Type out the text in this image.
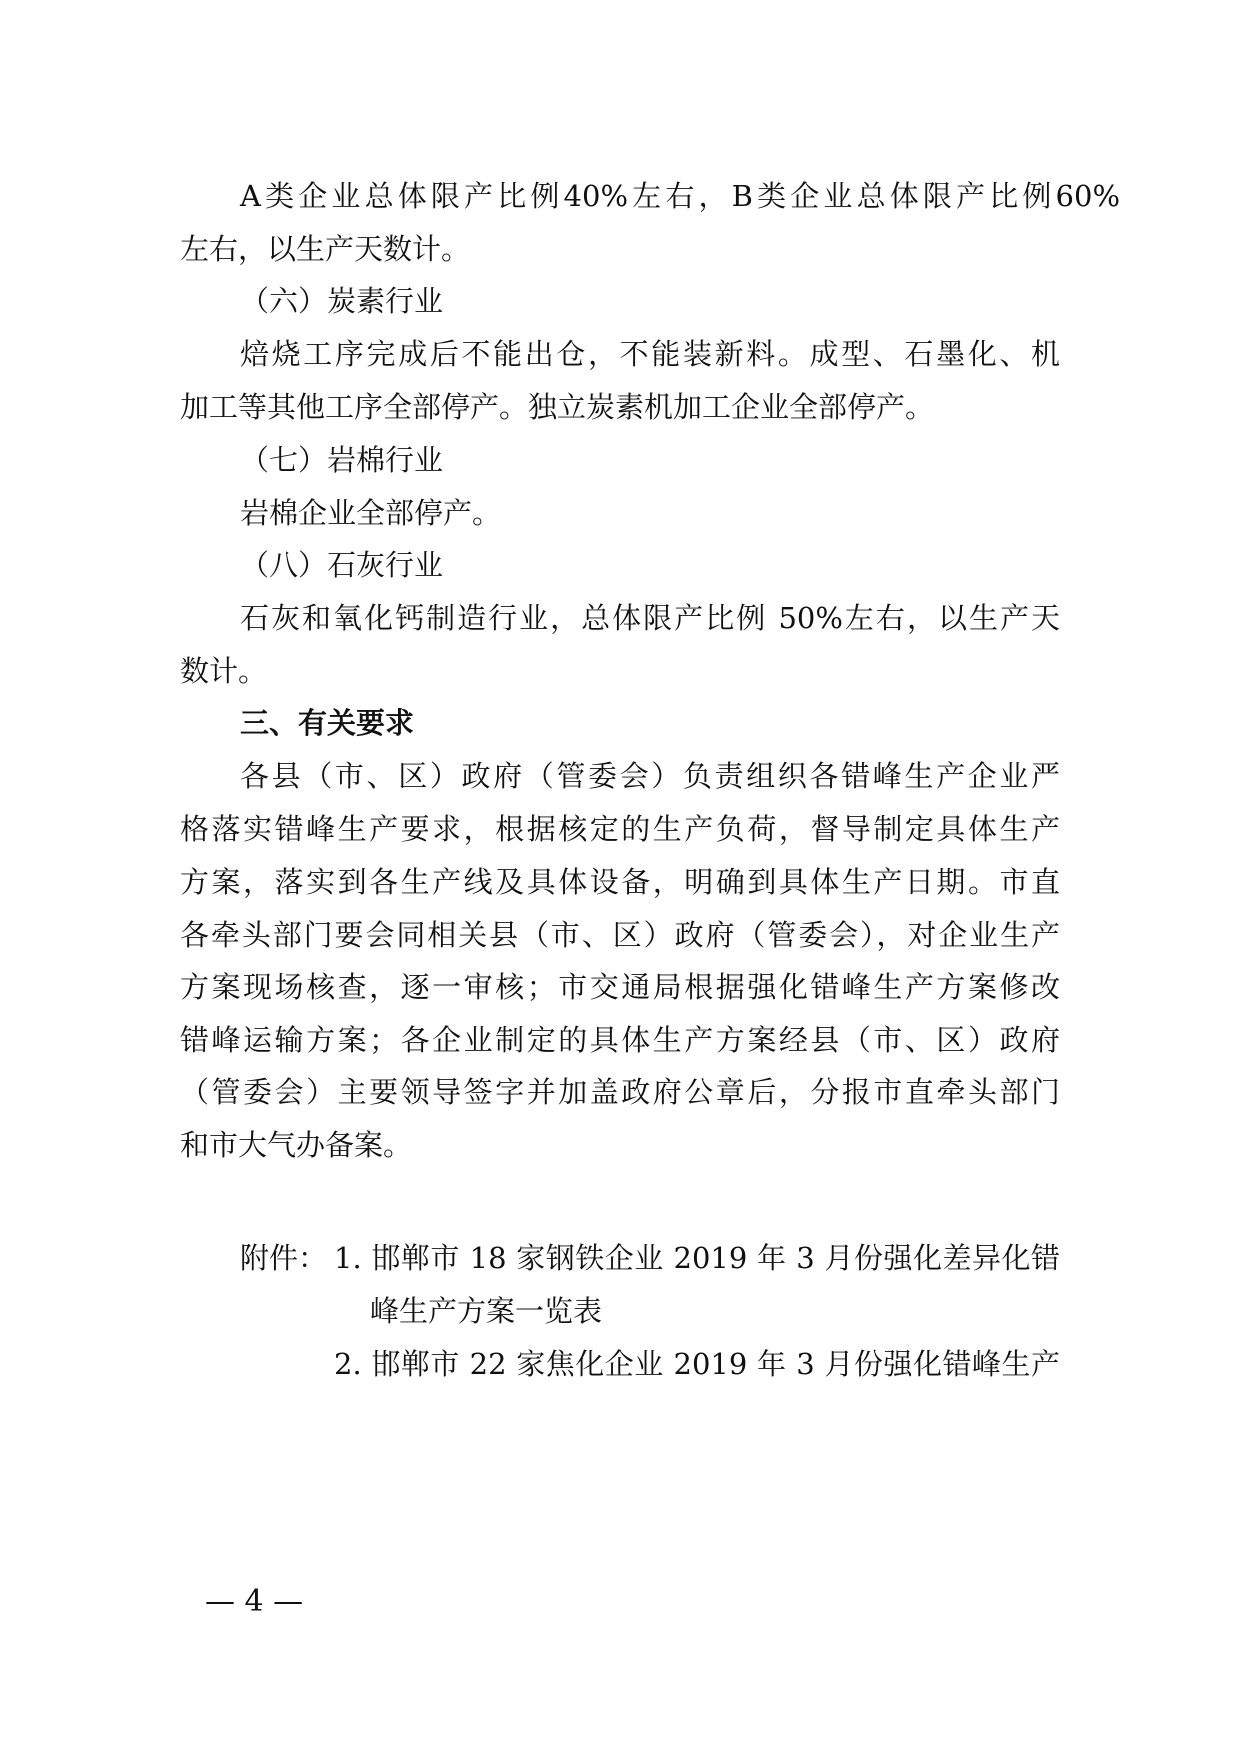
A类企业总体限产比例40%左右，B类企业总体限产比例60%
左右，以生产天数计。
（六）炭素行业
焙烧工序完成后不能出仓，不能装新料。成型、石墨化、机
加工等其他工序全部停产。独立炭素机加工企业全部停产。
（七）岩棉行业
岩棉企业全部停产。
（八）石灰行业
石灰和氧化钙制造行业，总体限产比例 50%左右，以生产天
数计。
三、有关要求
各县（市、区）政府（管委会）负责组织各错峰生产企业严
格落实错峰生产要求，根据核定的生产负荷，督导制定具体生产
方案，落实到各生产线及具体设备，明确到具体生产日期。市直
各牵头部门要会同相关县（市、区）政府（管委会），对企业生产
方案现场核查，逐一审核；市交通局根据强化错峰生产方案修改
错峰运输方案；各企业制定的具体生产方案经县（市、区）政府
（管委会）主要领导签字并加盖政府公章后，分报市直牵头部门
和市大气办备案。
附件： 1. 邯郸市 18 家钢铁企业 2019 年 3 月份强化差异化错
峰生产方案一览表
2. 邯郸市 22 家焦化企业 2019 年 3 月份强化错峰生产
— 4 —
